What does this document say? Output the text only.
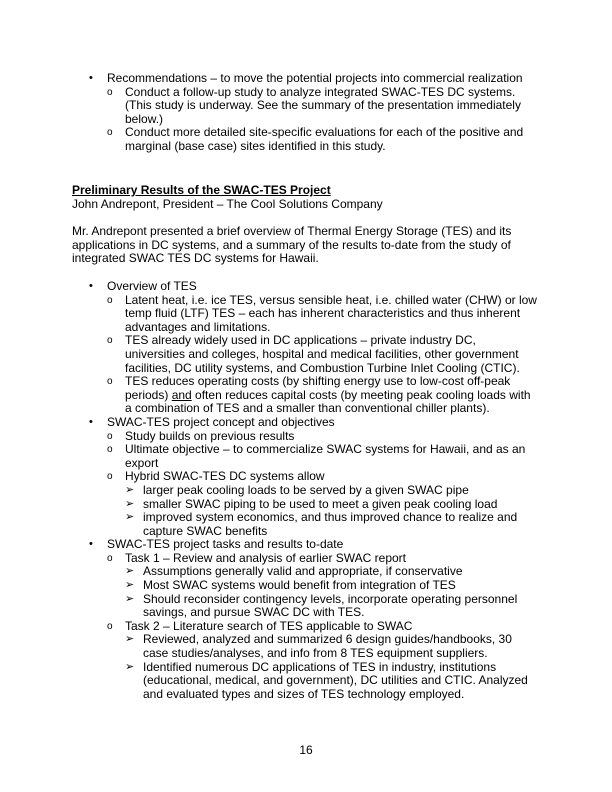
• Recommendations – to move the potential projects into commercial realization
o Conduct a follow-up study to analyze integrated SWAC-TES DC systems.
(This study is underway. See the summary of the presentation immediately
below.)
o Conduct more detailed site-specific evaluations for each of the positive and
marginal (base case) sites identified in this study.
Preliminary Results of the SWAC-TES Project
John Andrepont, President – The Cool Solutions Company
Mr. Andrepont presented a brief overview of Thermal Energy Storage (TES) and its
applications in DC systems, and a summary of the results to-date from the study of
integrated SWAC TES DC systems for Hawaii.
• Overview of TES
o Latent heat, i.e. ice TES, versus sensible heat, i.e. chilled water (CHW) or low
temp fluid (LTF) TES – each has inherent characteristics and thus inherent
advantages and limitations.
o TES already widely used in DC applications – private industry DC,
universities and colleges, hospital and medical facilities, other government
facilities, DC utility systems, and Combustion Turbine Inlet Cooling (CTIC).
o TES reduces operating costs (by shifting energy use to low-cost off-peak
periods) and often reduces capital costs (by meeting peak cooling loads with
a combination of TES and a smaller than conventional chiller plants).
• SWAC-TES project concept and objectives
o Study builds on previous results
o Ultimate objective – to commercialize SWAC systems for Hawaii, and as an
export
o Hybrid SWAC-TES DC systems allow
➢ larger peak cooling loads to be served by a given SWAC pipe
➢ smaller SWAC piping to be used to meet a given peak cooling load
➢ improved system economics, and thus improved chance to realize and
capture SWAC benefits
• SWAC-TES project tasks and results to-date
o Task 1 – Review and analysis of earlier SWAC report
➢ Assumptions generally valid and appropriate, if conservative
➢ Most SWAC systems would benefit from integration of TES
➢ Should reconsider contingency levels, incorporate operating personnel
savings, and pursue SWAC DC with TES.
o Task 2 – Literature search of TES applicable to SWAC
➢ Reviewed, analyzed and summarized 6 design guides/handbooks, 30
case studies/analyses, and info from 8 TES equipment suppliers.
➢ Identified numerous DC applications of TES in industry, institutions
(educational, medical, and government), DC utilities and CTIC. Analyzed
and evaluated types and sizes of TES technology employed.
16
